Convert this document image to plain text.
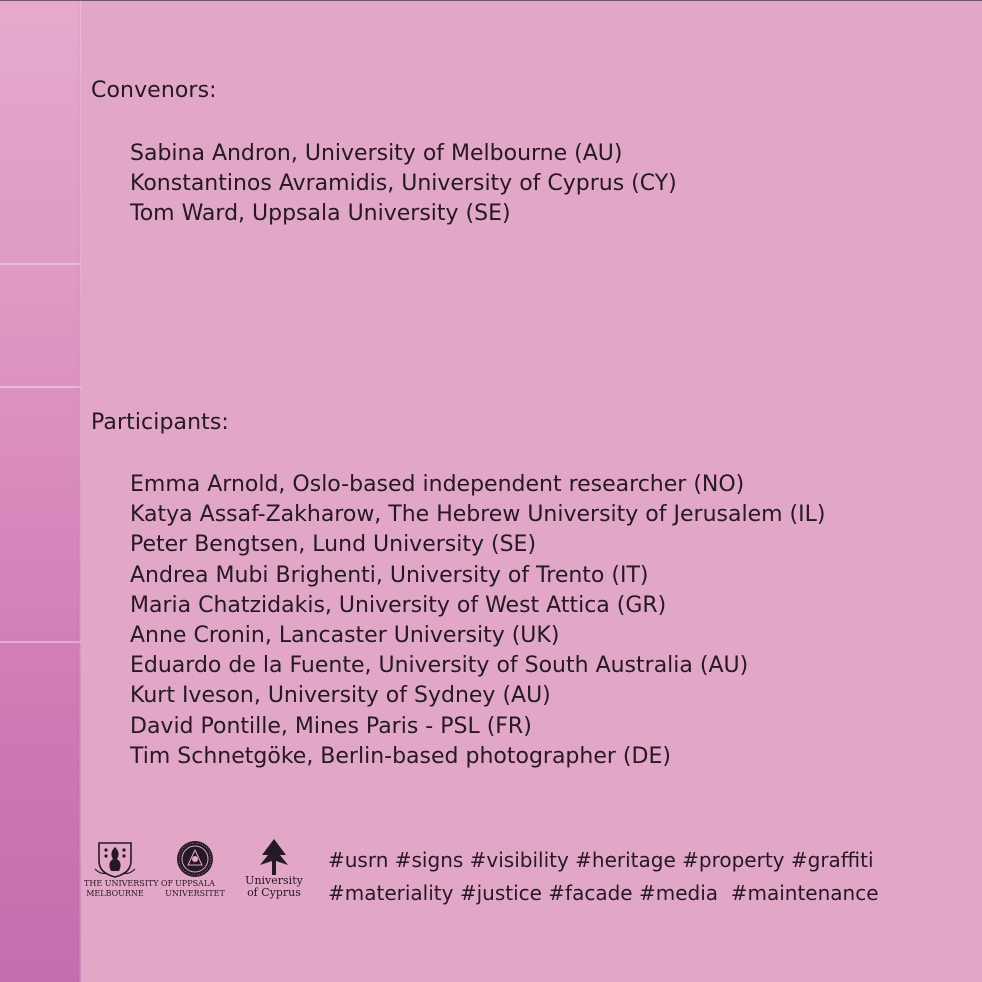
Convenors:
Sabina Andron, University of Melbourne (AU)
Konstantinos Avramidis, University of Cyprus (CY)
Tom Ward, Uppsala University (SE)
Participants:
Emma Arnold, Oslo-based independent researcher (NO)
Katya Assaf-Zakharow, The Hebrew University of Jerusalem (IL)
Peter Bengtsen, Lund University (SE)
Andrea Mubi Brighenti, University of Trento (IT)
Maria Chatzidakis, University of West Attica (GR)
Anne Cronin, Lancaster University (UK)
Eduardo de la Fuente, University of South Australia (AU)
Kurt Iveson, University of Sydney (AU)
David Pontille, Mines Paris - PSL (FR)
Tim Schnetgöke, Berlin-based photographer (DE)
THE UNIVERSITY OF
MELBOURNE
UPPSALA
UNIVERSITET
University
of Cyprus
#usrn #signs #visibility #heritage #property #graffiti
#materiality #justice #facade #media  #maintenance
